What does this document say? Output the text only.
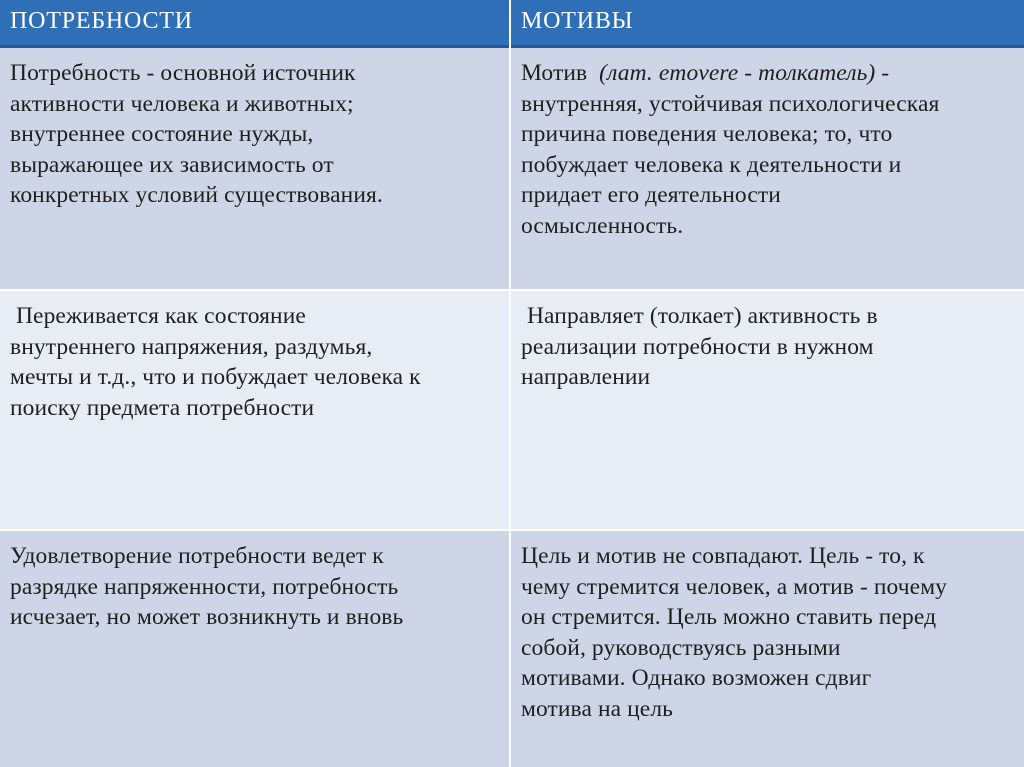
ПОТРЕБНОСТИ	МОТИВЫ
Потребность - основной источник
активности человека и животных;
внутреннее состояние нужды,
выражающее их зависимость от
конкретных условий существования.
Мотив  (лат. emovere - толкатель) -
внутренняя, устойчивая психологическая
причина поведения человека; то, что
побуждает человека к деятельности и
придает его деятельности
осмысленность.
Переживается как состояние
внутреннего напряжения, раздумья,
мечты и т.д., что и побуждает человека к
поиску предмета потребности
Направляет (толкает) активность в
реализации потребности в нужном
направлении
Удовлетворение потребности ведет к
разрядке напряженности, потребность
исчезает, но может возникнуть и вновь
Цель и мотив не совпадают. Цель - то, к
чему стремится человек, а мотив - почему
он стремится. Цель можно ставить перед
собой, руководствуясь разными
мотивами. Однако возможен сдвиг
мотива на цель
